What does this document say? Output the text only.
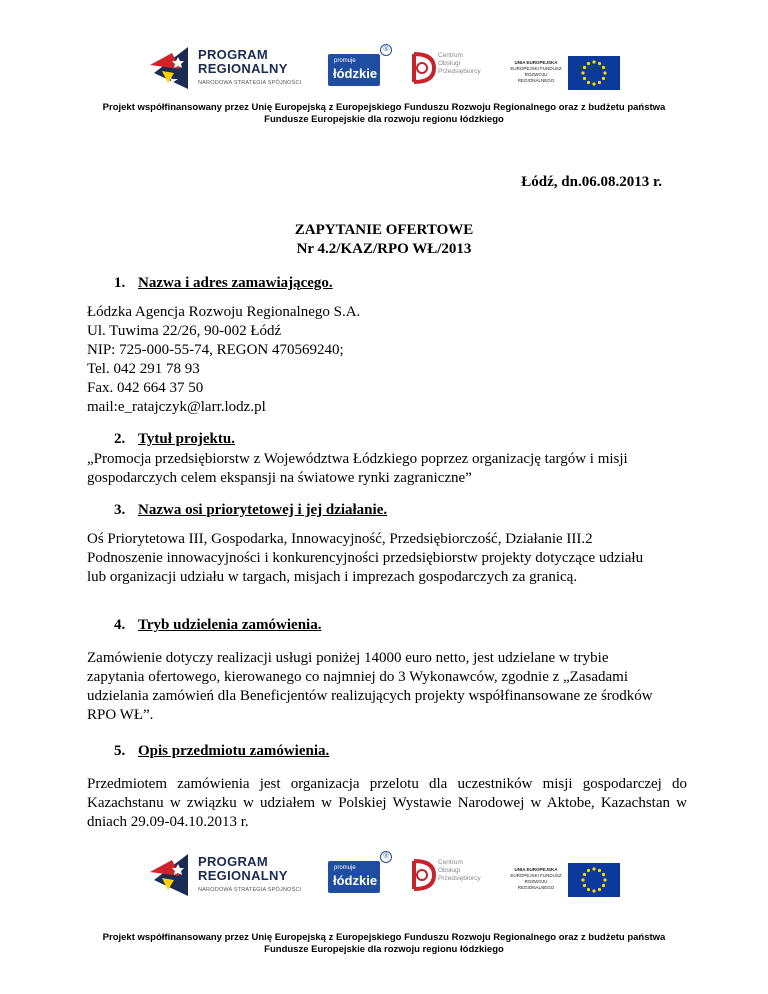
PROGRAM
REGIONALNY
NARODOWA STRATEGIA SPÓJNOŚCI
promuje
łódzkie
®
Centrum
Obsługi
Przedsiębiorcy
UNIA EUROPEJSKA
EUROPEJSKI FUNDUSZ
ROZWOJU REGIONALNEGO
Projekt współfinansowany przez Unię Europejską z Europejskiego Funduszu Rozwoju Regionalnego oraz z budżetu państwa
Fundusze Europejskie dla rozwoju regionu łódzkiego
Łódź, dn.06.08.2013 r.
ZAPYTANIE OFERTOWE
Nr 4.2/KAZ/RPO WŁ/2013
1. Nazwa i adres zamawiającego.
Łódzka Agencja Rozwoju Regionalnego S.A.
Ul. Tuwima 22/26, 90-002 Łódź
NIP: 725-000-55-74, REGON 470569240;
Tel. 042 291 78 93
Fax. 042 664 37 50
mail:e_ratajczyk@larr.lodz.pl
2. Tytuł projektu.
„Promocja przedsiębiorstw z Województwa Łódzkiego poprzez organizację targów i misji
gospodarczych celem ekspansji na światowe rynki zagraniczne”
3. Nazwa osi priorytetowej i jej działanie.
Oś Priorytetowa III, Gospodarka, Innowacyjność, Przedsiębiorczość, Działanie III.2
Podnoszenie innowacyjności i konkurencyjności przedsiębiorstw projekty dotyczące udziału
lub organizacji udziału w targach, misjach i imprezach gospodarczych za granicą.
4. Tryb udzielenia zamówienia.
Zamówienie dotyczy realizacji usługi poniżej 14000 euro netto, jest udzielane w trybie
zapytania ofertowego, kierowanego co najmniej do 3 Wykonawców, zgodnie z „Zasadami
udzielania zamówień dla Beneficjentów realizujących projekty współfinansowane ze środków
RPO WŁ”.
5. Opis przedmiotu zamówienia.
Przedmiotem zamówienia jest organizacja przelotu dla uczestników misji gospodarczej do Kazachstanu w związku w udziałem w Polskiej Wystawie Narodowej w Aktobe, Kazachstan w dniach 29.09-04.10.2013 r.
PROGRAM
REGIONALNY
NARODOWA STRATEGIA SPÓJNOŚCI
promuje
łódzkie
®
Centrum
Obsługi
Przedsiębiorcy
UNIA EUROPEJSKA
EUROPEJSKI FUNDUSZ
ROZWOJU REGIONALNEGO
Projekt współfinansowany przez Unię Europejską z Europejskiego Funduszu Rozwoju Regionalnego oraz z budżetu państwa
Fundusze Europejskie dla rozwoju regionu łódzkiego
